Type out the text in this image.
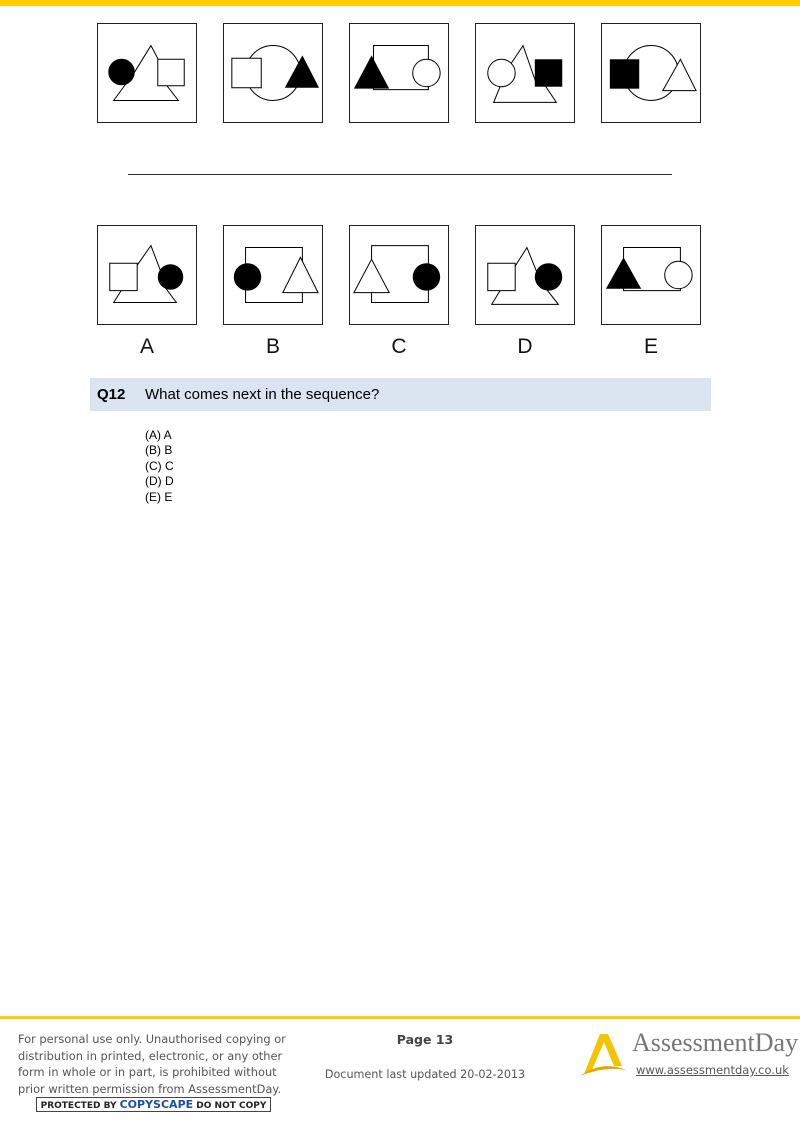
A	B	C	D	E
Q12 What comes next in the sequence?
(A) A
(B) B
(C) C
(D) D
(E) E
For personal use only. Unauthorised copying or distribution in printed, electronic, or any other form in whole or in part, is prohibited without prior written permission from AssessmentDay.
PROTECTED BY COPYSCAPE DO NOT COPY
Page 13
Document last updated 20-02-2013
AssessmentDay
www.assessmentday.co.uk
